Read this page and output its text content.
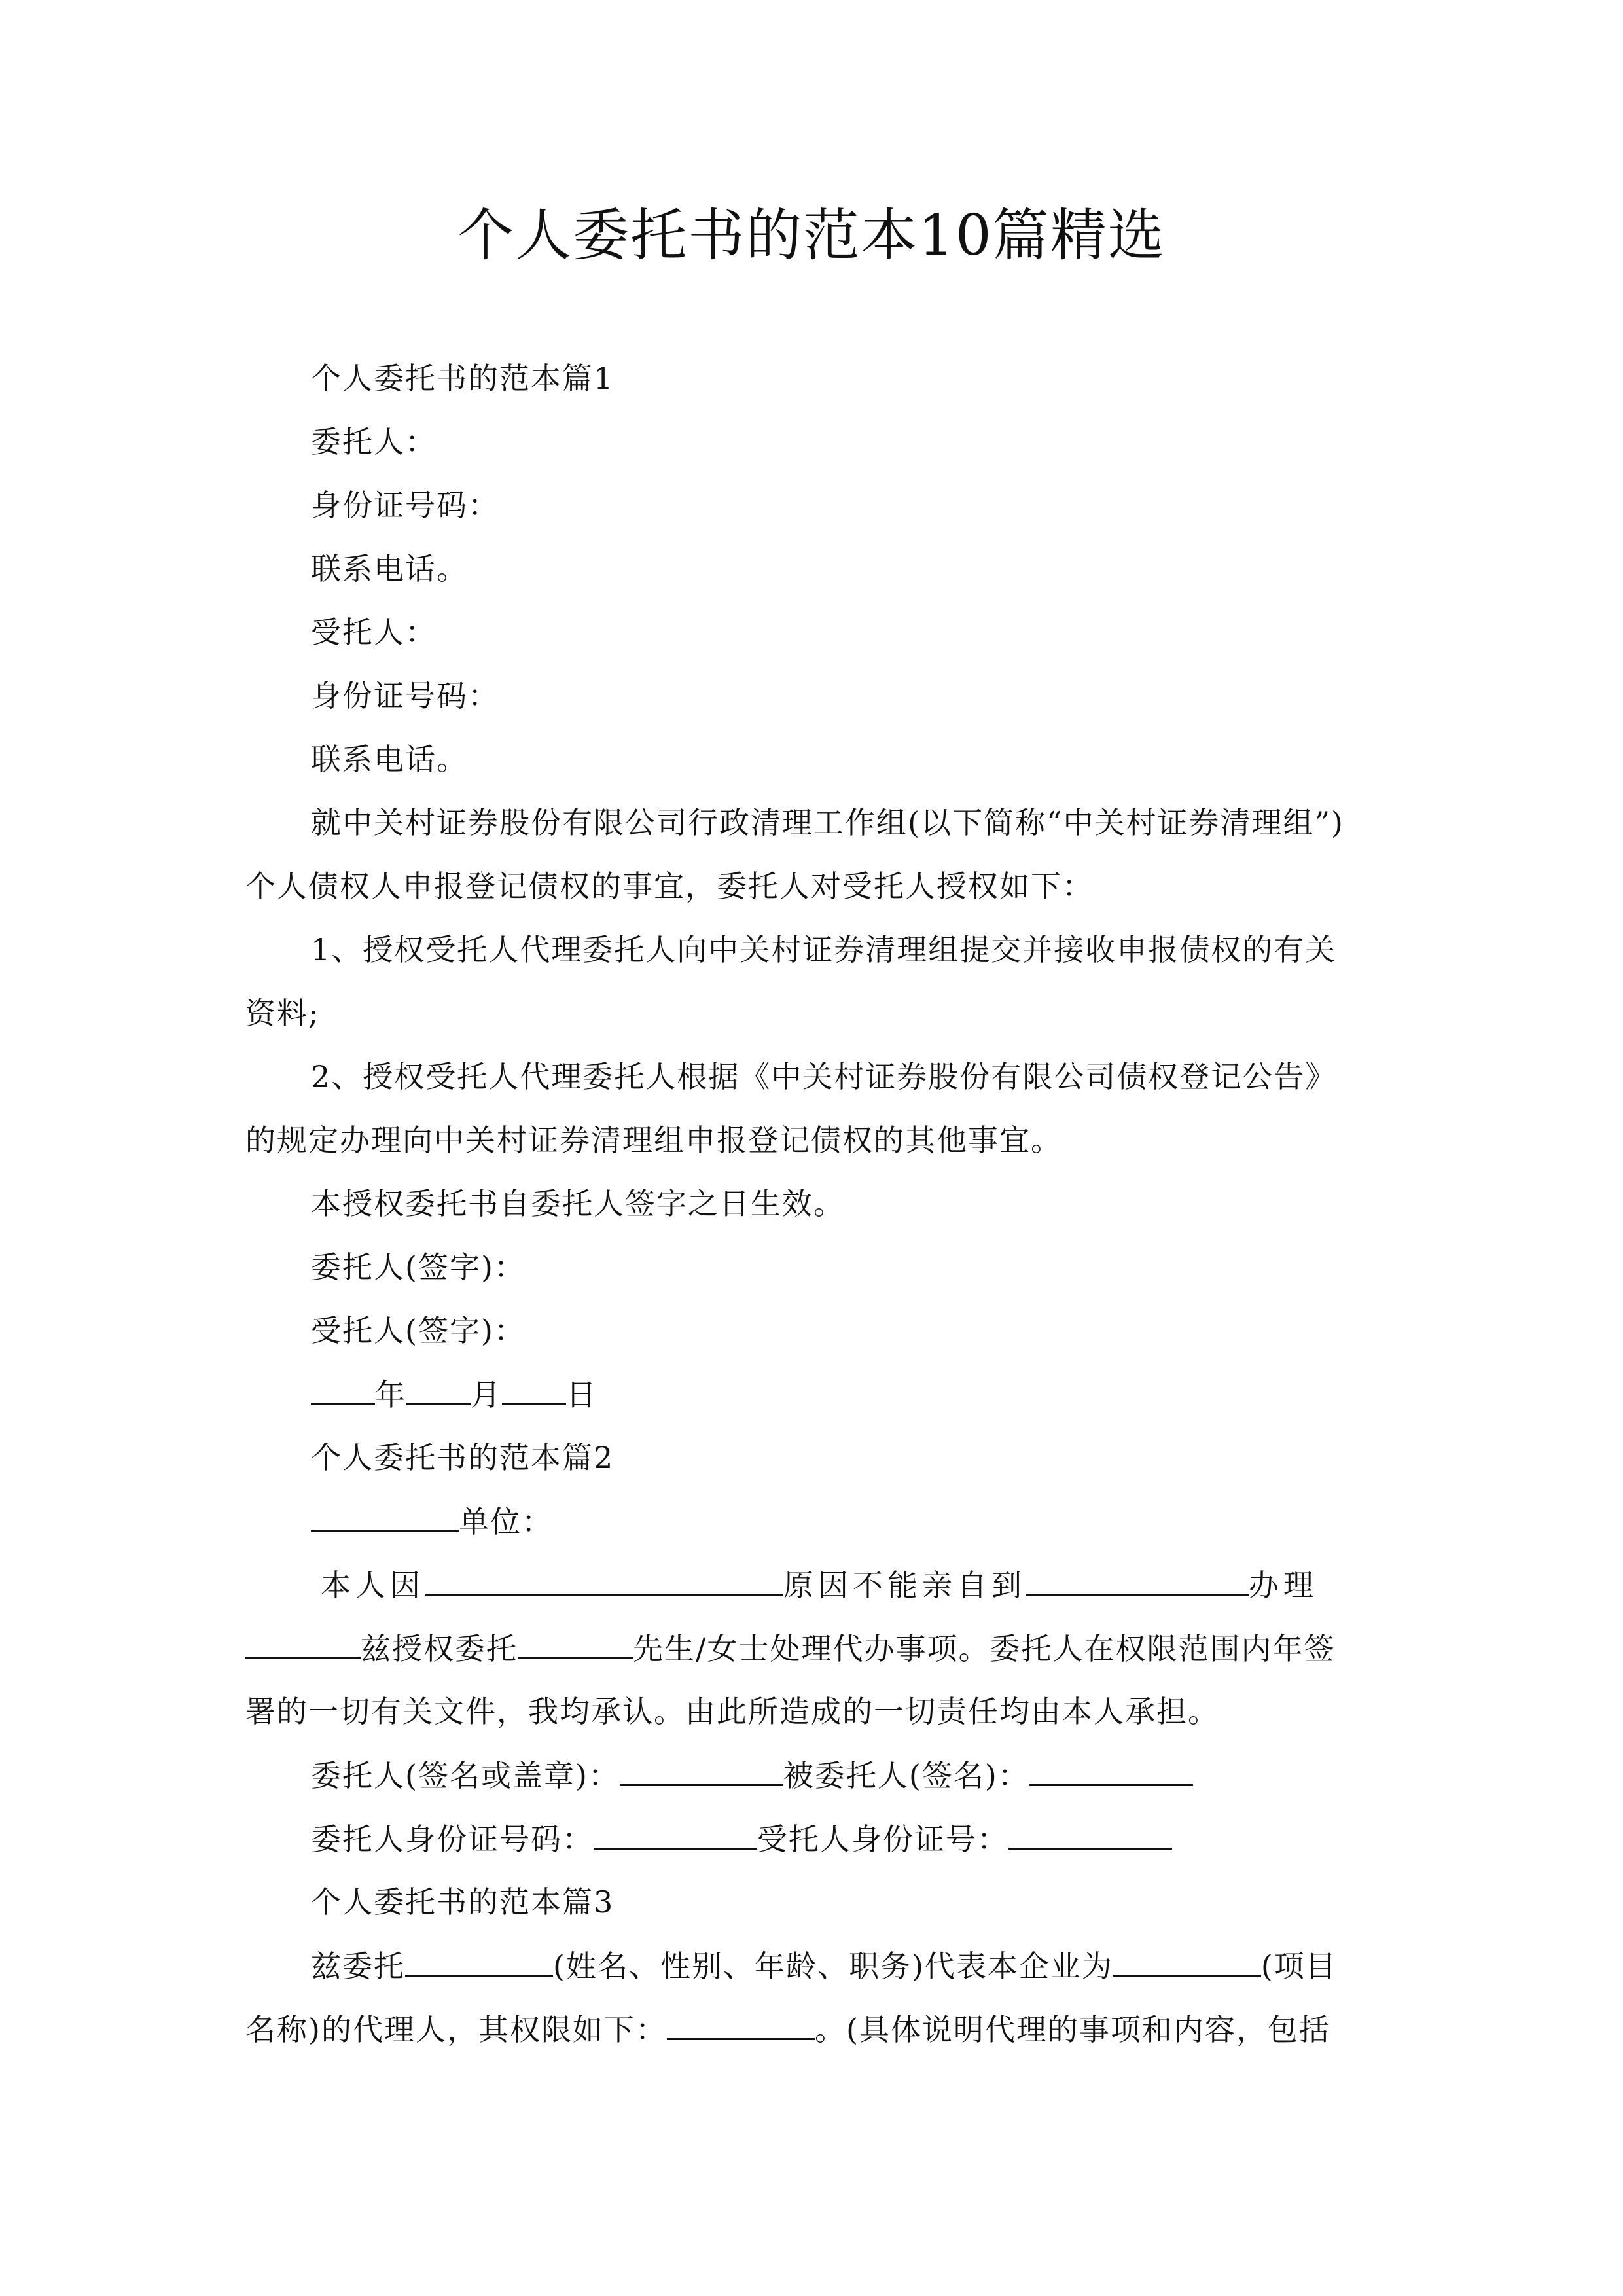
个人委托书的范本10篇精选
个人委托书的范本篇1
委托人：
身份证号码：
联系电话。
受托人：
身份证号码：
联系电话。
就中关村证券股份有限公司行政清理工作组(以下简称“中关村证券清理组”)
个人债权人申报登记债权的事宜，委托人对受托人授权如下：
1、授权受托人代理委托人向中关村证券清理组提交并接收申报债权的有关
资料;
2、授权受托人代理委托人根据《中关村证券股份有限公司债权登记公告》
的规定办理向中关村证券清理组申报登记债权的其他事宜。
本授权委托书自委托人签字之日生效。
委托人(签字)：
受托人(签字)：
年 月 日
个人委托书的范本篇2
单位：
本人因	原因不能亲自到	办理
兹授权委托	先生/女士处理代办事项。委托人在权限范围内年签
署的一切有关文件，我均承认。由此所造成的一切责任均由本人承担。
委托人(签名或盖章)：	被委托人(签名)：
委托人身份证号码：	受托人身份证号：
个人委托书的范本篇3
兹委托	(姓名、性别、年龄、职务)代表本企业为	(项目
名称)的代理人，其权限如下：	。(具体说明代理的事项和内容，包括
